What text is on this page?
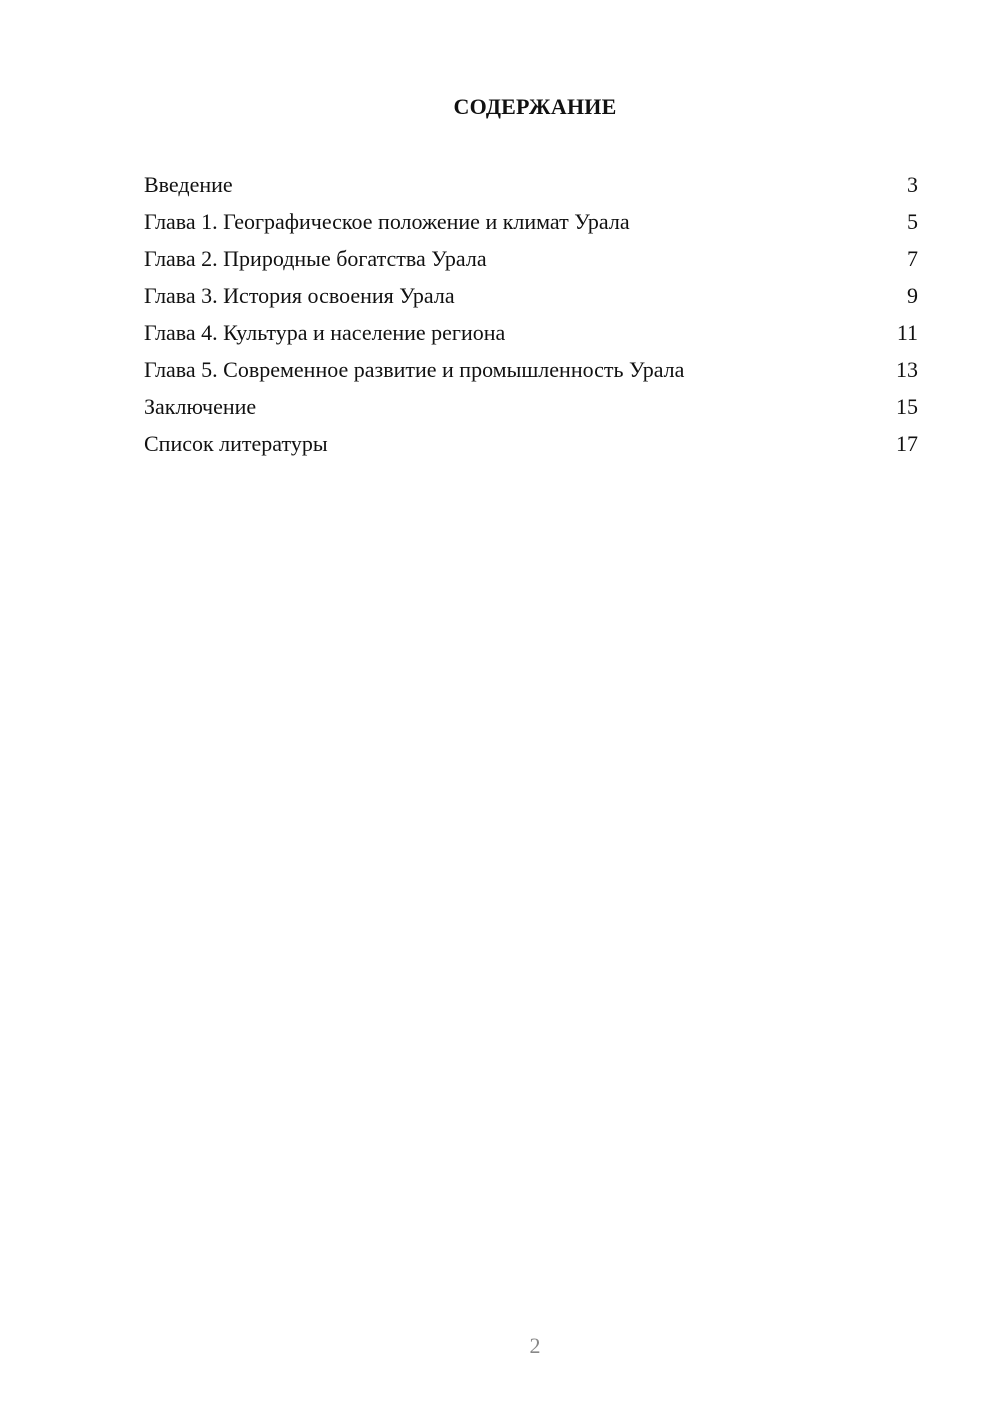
СОДЕРЖАНИЕ
Введение	3
Глава 1. Географическое положение и климат Урала	5
Глава 2. Природные богатства Урала	7
Глава 3. История освоения Урала	9
Глава 4. Культура и население региона	11
Глава 5. Современное развитие и промышленность Урала	13
Заключение	15
Список литературы	17
2
